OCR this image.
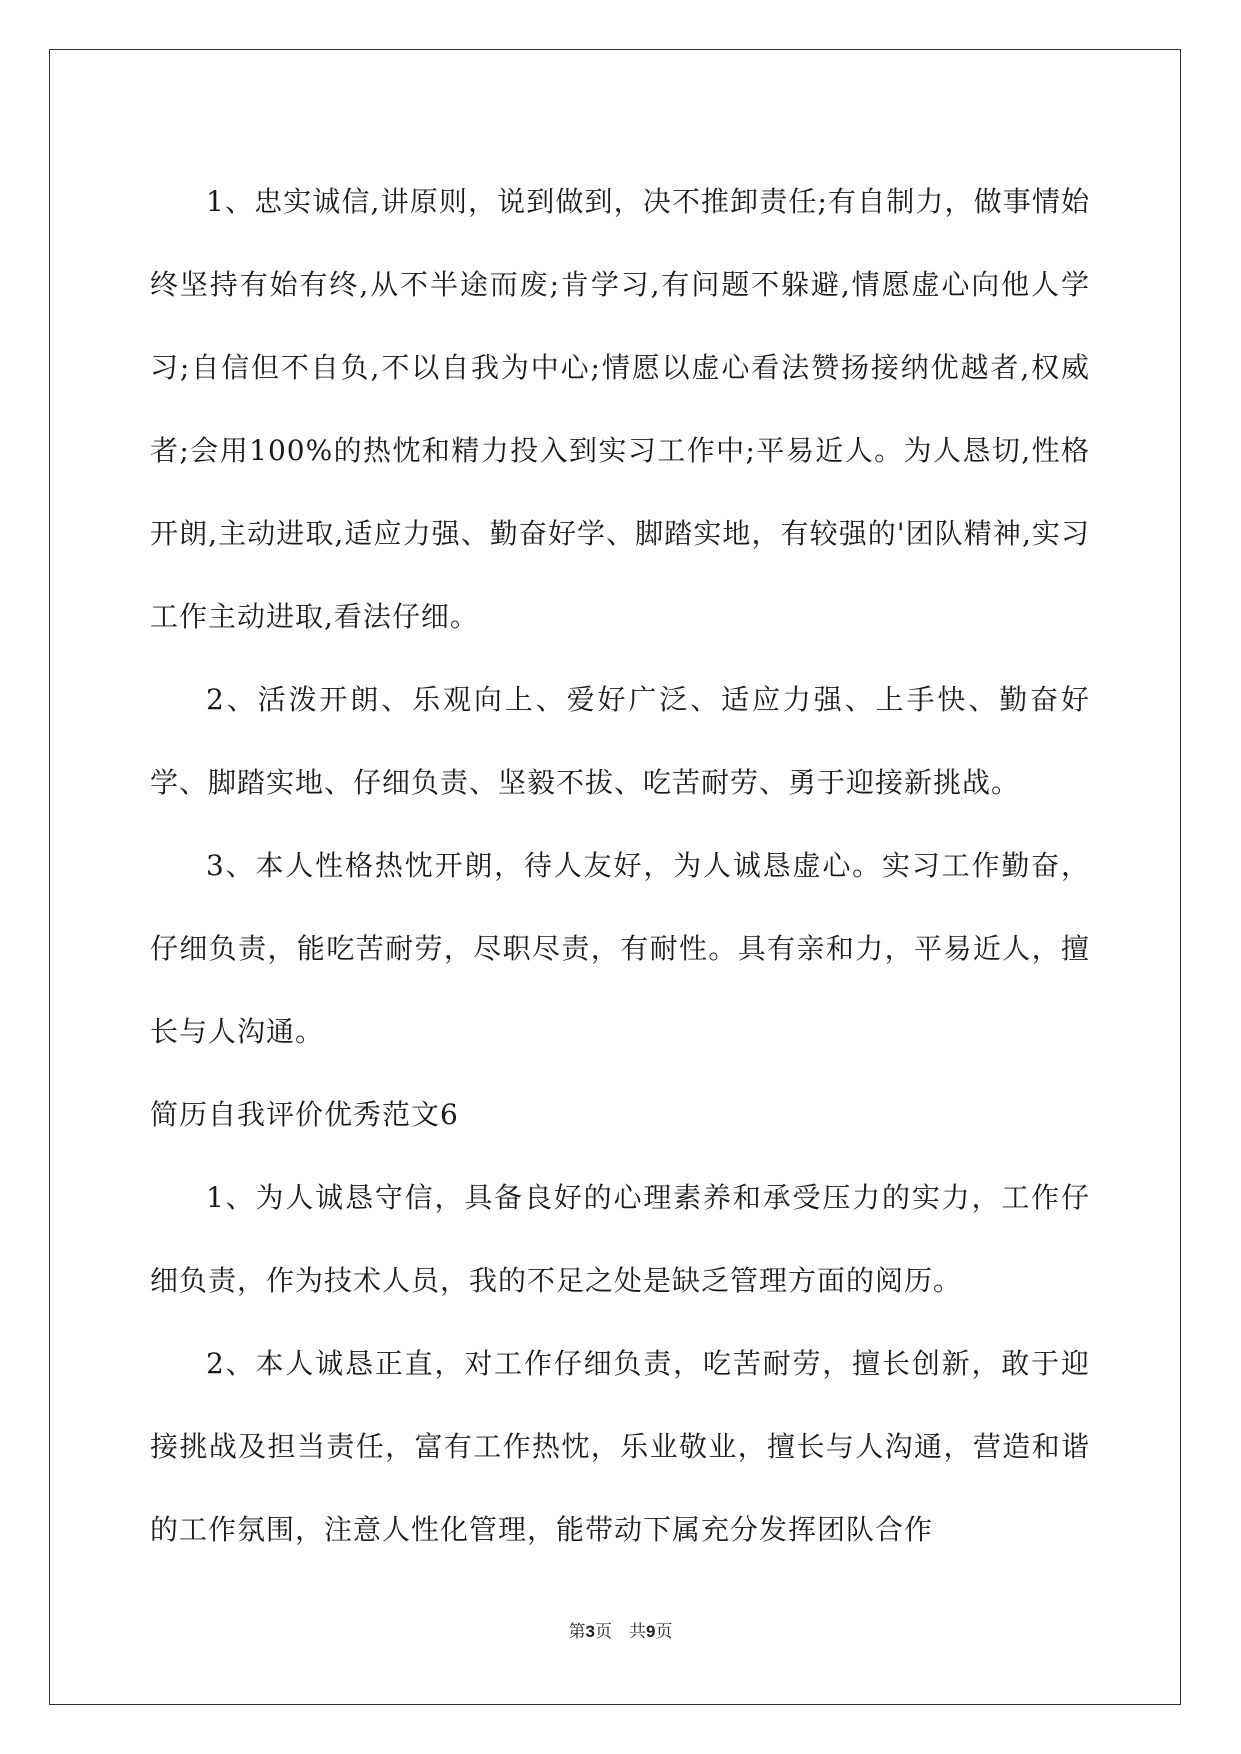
1、忠实诚信,讲原则，说到做到，决不推卸责任;有自制力，做事情始终坚持有始有终,从不半途而废;肯学习,有问题不躲避,情愿虚心向他人学习;自信但不自负,不以自我为中心;情愿以虚心看法赞扬接纳优越者,权威者;会用100%的热忱和精力投入到实习工作中;平易近人。为人恳切,性格开朗,主动进取,适应力强、勤奋好学、脚踏实地，有较强的'团队精神,实习工作主动进取,看法仔细。

2、活泼开朗、乐观向上、爱好广泛、适应力强、上手快、勤奋好学、脚踏实地、仔细负责、坚毅不拔、吃苦耐劳、勇于迎接新挑战。

3、本人性格热忱开朗，待人友好，为人诚恳虚心。实习工作勤奋，仔细负责，能吃苦耐劳，尽职尽责，有耐性。具有亲和力，平易近人，擅长与人沟通。

简历自我评价优秀范文6

1、为人诚恳守信，具备良好的心理素养和承受压力的实力，工作仔细负责，作为技术人员，我的不足之处是缺乏管理方面的阅历。

2、本人诚恳正直，对工作仔细负责，吃苦耐劳，擅长创新，敢于迎接挑战及担当责任，富有工作热忱，乐业敬业，擅长与人沟通，营造和谐的工作氛围，注意人性化管理，能带动下属充分发挥团队合作

第3页　共9页
